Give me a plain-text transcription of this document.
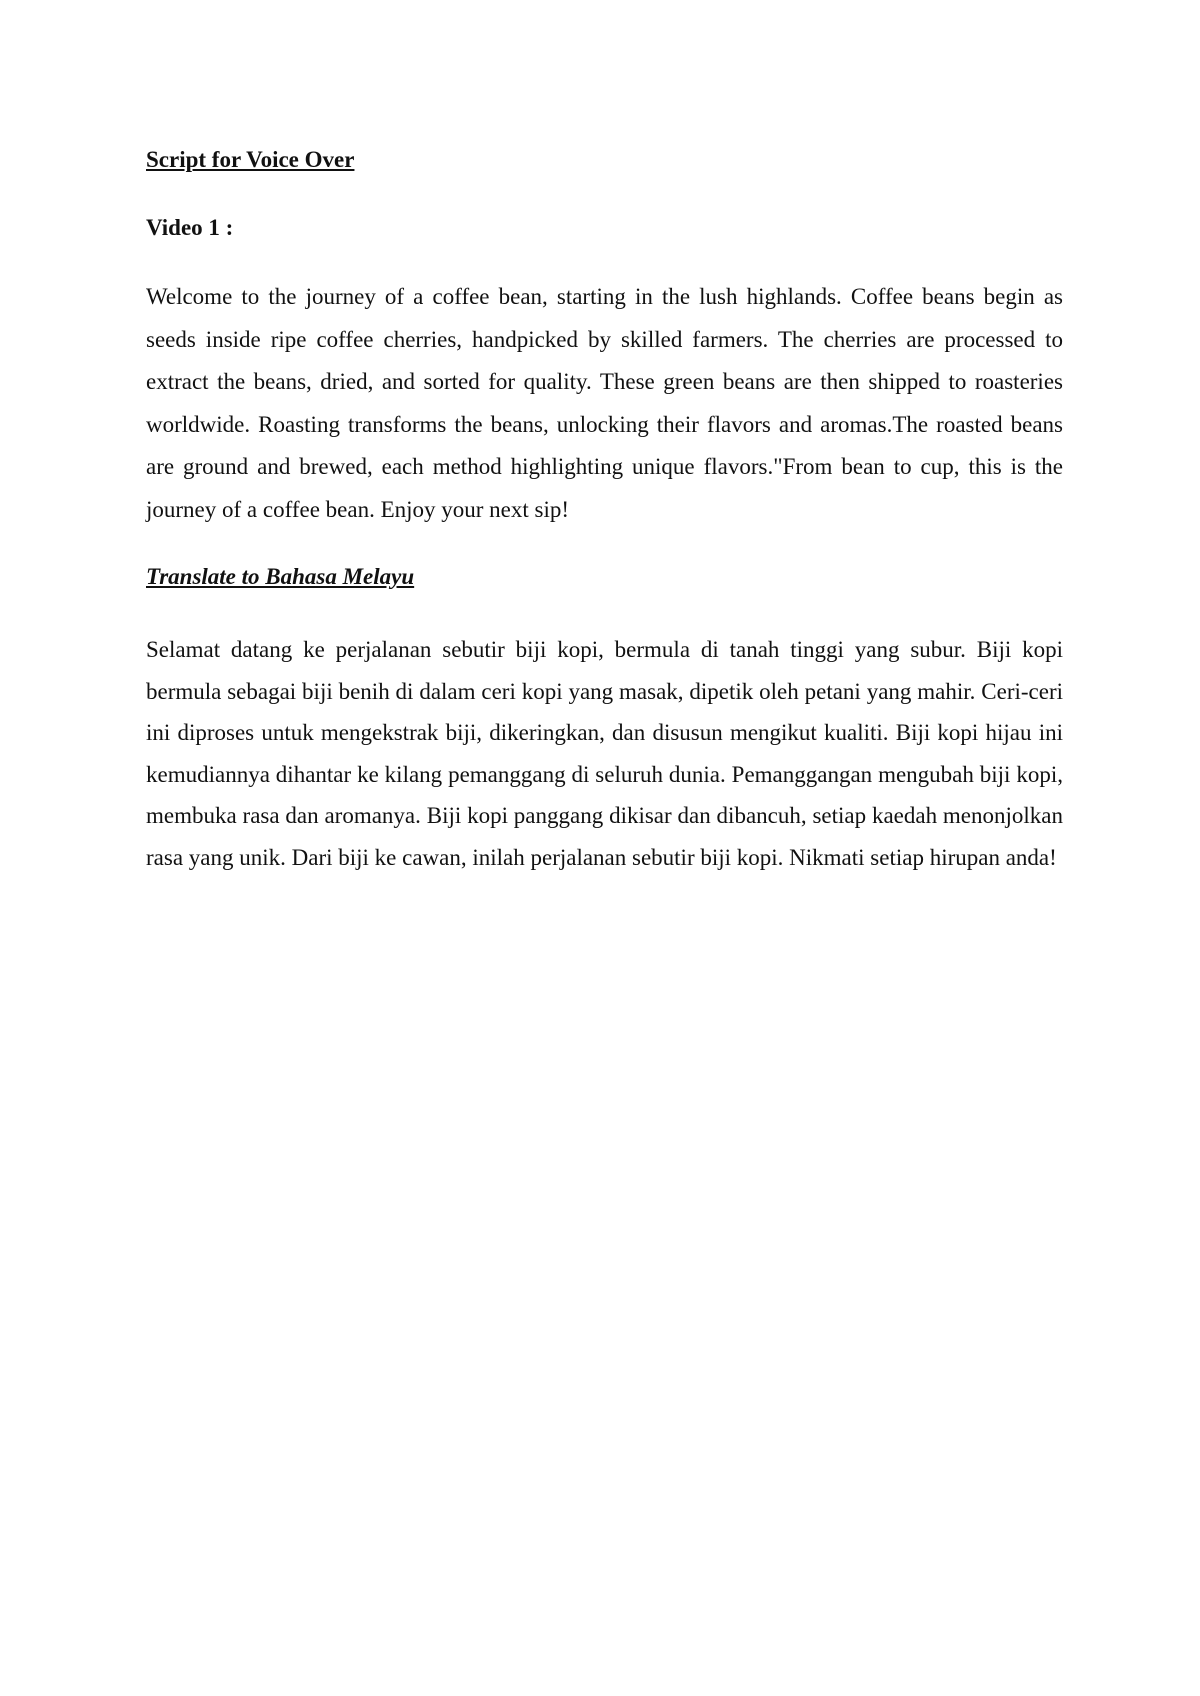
Script for Voice Over
Video 1 :

Welcome to the journey of a coffee bean, starting in the lush highlands. Coffee beans begin as seeds inside ripe coffee cherries, handpicked by skilled farmers. The cherries are processed to extract the beans, dried, and sorted for quality. These green beans are then shipped to roasteries worldwide. Roasting transforms the beans, unlocking their flavors and aromas.The roasted beans are ground and brewed, each method highlighting unique flavors."From bean to cup, this is the journey of a coffee bean. Enjoy your next sip!

Translate to Bahasa Melayu

Selamat datang ke perjalanan sebutir biji kopi, bermula di tanah tinggi yang subur. Biji kopi bermula sebagai biji benih di dalam ceri kopi yang masak, dipetik oleh petani yang mahir. Ceri-ceri ini diproses untuk mengekstrak biji, dikeringkan, dan disusun mengikut kualiti. Biji kopi hijau ini kemudiannya dihantar ke kilang pemanggang di seluruh dunia. Pemanggangan mengubah biji kopi, membuka rasa dan aromanya. Biji kopi panggang dikisar dan dibancuh, setiap kaedah menonjolkan rasa yang unik. Dari biji ke cawan, inilah perjalanan sebutir biji kopi. Nikmati setiap hirupan anda!
